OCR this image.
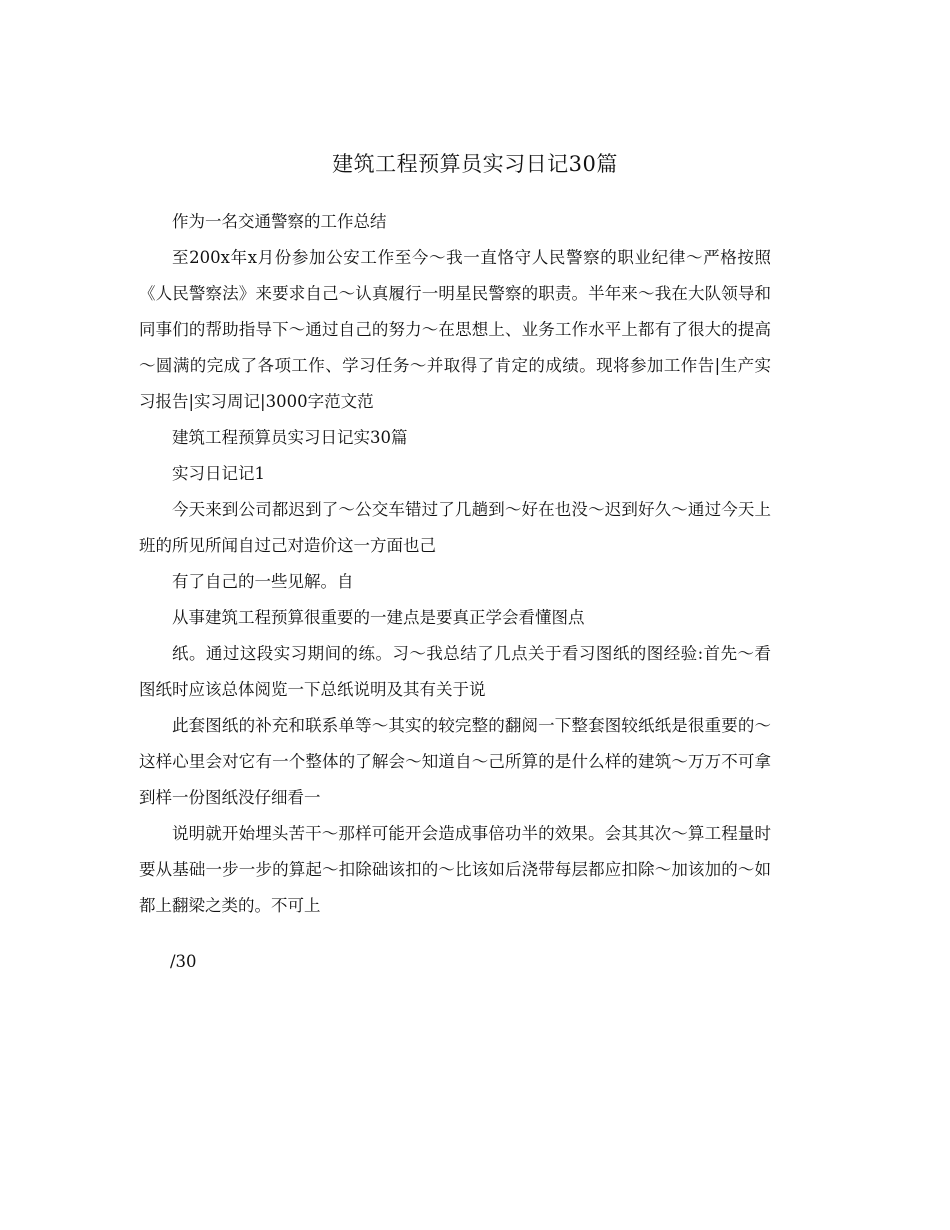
建筑工程预算员实习日记30篇

作为一名交通警察的工作总结

至200x年x月份参加公安工作至今～我一直恪守人民警察的职业纪律～严格按照《人民警察法》来要求自己～认真履行一明星民警察的职责。半年来～我在大队领导和同事们的帮助指导下～通过自己的努力～在思想上、业务工作水平上都有了很大的提高～圆满的完成了各项工作、学习任务～并取得了肯定的成绩。现将参加工作告|生产实习报告|实习周记|3000字范文范

建筑工程预算员实习日记实30篇

实习日记记1

今天来到公司都迟到了～公交车错过了几趟到～好在也没～迟到好久～通过今天上班的所见所闻自过己对造价这一方面也己

有了自己的一些见解。自

从事建筑工程预算很重要的一建点是要真正学会看懂图点

纸。通过这段实习期间的练。习～我总结了几点关于看习图纸的图经验:首先～看图纸时应该总体阅览一下总纸说明及其有关于说

此套图纸的补充和联系单等～其实的较完整的翻阅一下整套图较纸纸是很重要的～这样心里会对它有一个整体的了解会～知道自～己所算的是什么样的建筑～万万不可拿到样一份图纸没仔细看一

说明就开始埋头苦干～那样可能开会造成事倍功半的效果。会其其次～算工程量时要从基础一步一步的算起～扣除础该扣的～比该如后浇带每层都应扣除～加该加的～如都上翻梁之类的。不可上

/30
